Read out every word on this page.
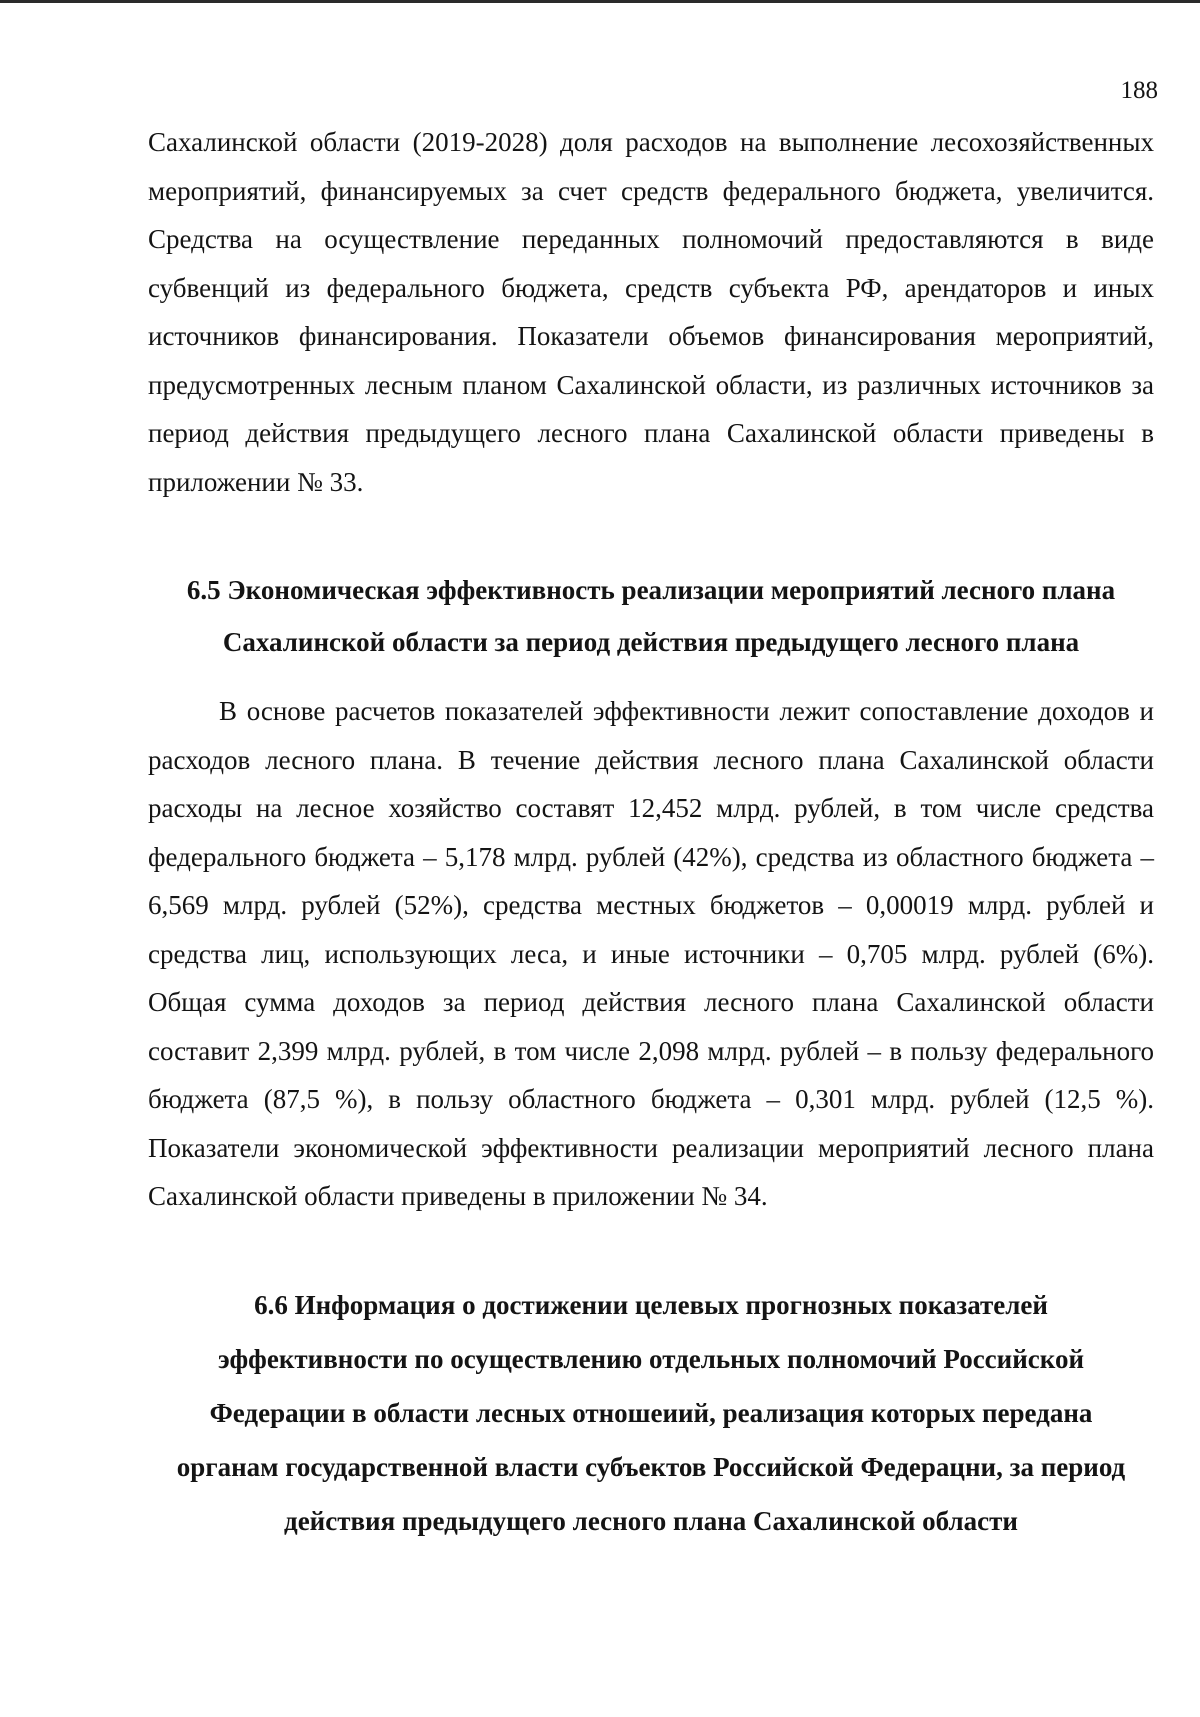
188

Сахалинской области (2019-2028) доля расходов на выполнение лесохозяйственных мероприятий, финансируемых за счет средств федерального бюджета, увеличится. Средства на осуществление переданных полномочий предоставляются в виде субвенций из федерального бюджета, средств субъекта РФ, арендаторов и иных источников финансирования. Показатели объемов финансирования мероприятий, предусмотренных лесным планом Сахалинской области, из различных источников за период действия предыдущего лесного плана Сахалинской области приведены в приложении № 33.

6.5 Экономическая эффективность реализации мероприятий лесного плана
Сахалинской области за период действия предыдущего лесного плана

В основе расчетов показателей эффективности лежит сопоставление доходов и расходов лесного плана. В течение действия лесного плана Сахалинской области расходы на лесное хозяйство составят 12,452 млрд. рублей, в том числе средства федерального бюджета – 5,178 млрд. рублей (42%), средства из областного бюджета – 6,569 млрд. рублей (52%), средства местных бюджетов – 0,00019 млрд. рублей и средства лиц, использующих леса, и иные источники – 0,705 млрд. рублей (6%). Общая сумма доходов за период действия лесного плана Сахалинской области составит 2,399 млрд. рублей, в том числе 2,098 млрд. рублей – в пользу федерального бюджета (87,5 %), в пользу областного бюджета – 0,301 млрд. рублей (12,5 %). Показатели экономической эффективности реализации мероприятий лесного плана Сахалинской области приведены в приложении № 34.

6.6 Информация о достижении целевых прогнозных показателей
эффективности по осуществлению отдельных полномочий Российской
Федерации в области лесных отношеиий, реализация которых передана
органам государственной власти субъектов Российской Федерацни, за период
действия предыдущего лесного плана Сахалинской области
